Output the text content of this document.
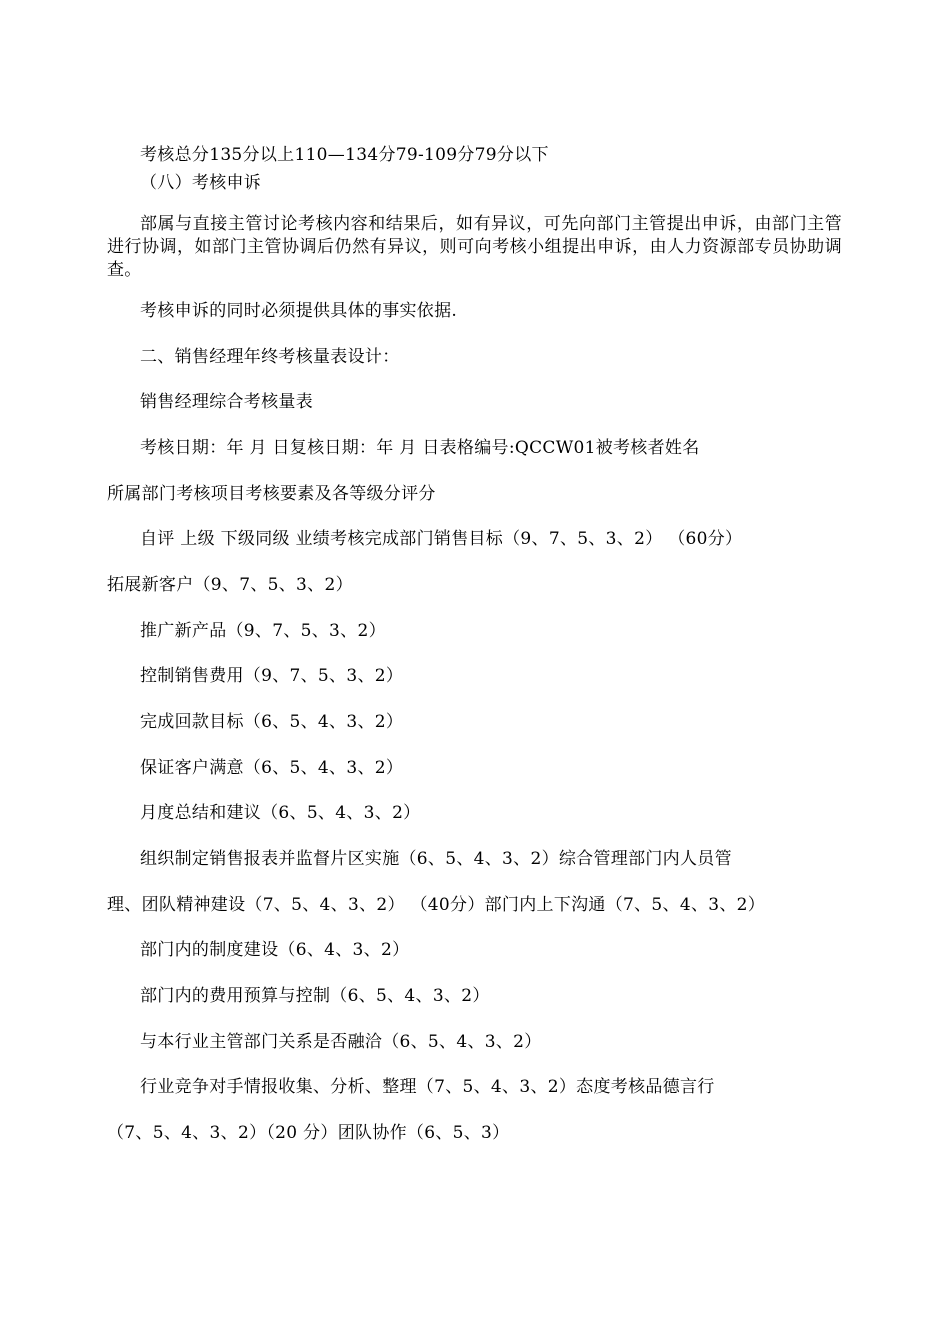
考核总分135分以上110—134分79-109分79分以下
（八）考核申诉
部属与直接主管讨论考核内容和结果后，如有异议，可先向部门主管提出申诉，由部门主管进行协调，如部门主管协调后仍然有异议，则可向考核小组提出申诉，由人力资源部专员协助调查。
考核申诉的同时必须提供具体的事实依据.
二、销售经理年终考核量表设计：
销售经理综合考核量表
考核日期：年 月 日复核日期：年 月 日表格编号:QCCW01被考核者姓名
所属部门考核项目考核要素及各等级分评分
自评 上级 下级同级 业绩考核完成部门销售目标（9、7、5、3、2） （60分）
拓展新客户（9、7、5、3、2）
推广新产品（9、7、5、3、2）
控制销售费用（9、7、5、3、2）
完成回款目标（6、5、4、3、2）
保证客户满意（6、5、4、3、2）
月度总结和建议（6、5、4、3、2）
组织制定销售报表并监督片区实施（6、5、4、3、2）综合管理部门内人员管
理、团队精神建设（7、5、4、3、2） （40分）部门内上下沟通（7、5、4、3、2）
部门内的制度建设（6、4、3、2）
部门内的费用预算与控制（6、5、4、3、2）
与本行业主管部门关系是否融洽（6、5、4、3、2）
行业竞争对手情报收集、分析、整理（7、5、4、3、2）态度考核品德言行
（7、5、4、3、2）（20 分）团队协作（6、5、3）
